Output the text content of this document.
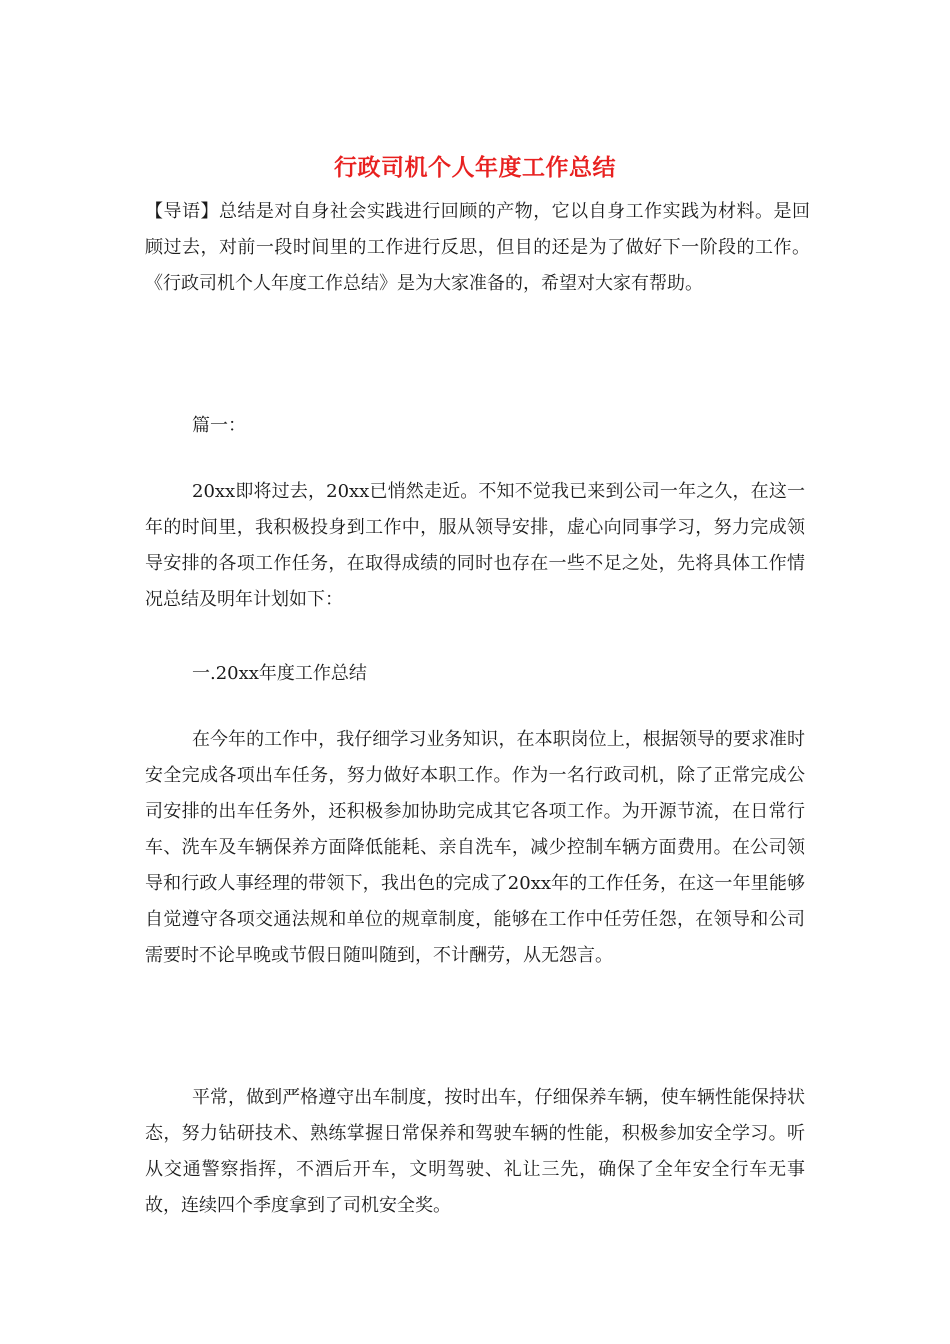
行政司机个人年度工作总结

【导语】总结是对自身社会实践进行回顾的产物，它以自身工作实践为材料。是回顾过去，对前一段时间里的工作进行反思，但目的还是为了做好下一阶段的工作。《行政司机个人年度工作总结》是为大家准备的，希望对大家有帮助。

篇一：

20xx即将过去，20xx已悄然走近。不知不觉我已来到公司一年之久，在这一年的时间里，我积极投身到工作中，服从领导安排，虚心向同事学习，努力完成领导安排的各项工作任务，在取得成绩的同时也存在一些不足之处，先将具体工作情况总结及明年计划如下：

一.20xx年度工作总结

在今年的工作中，我仔细学习业务知识，在本职岗位上，根据领导的要求准时安全完成各项出车任务，努力做好本职工作。作为一名行政司机，除了正常完成公司安排的出车任务外，还积极参加协助完成其它各项工作。为开源节流，在日常行车、洗车及车辆保养方面降低能耗、亲自洗车，减少控制车辆方面费用。在公司领导和行政人事经理的带领下，我出色的完成了20xx年的工作任务，在这一年里能够自觉遵守各项交通法规和单位的规章制度，能够在工作中任劳任怨，在领导和公司需要时不论早晚或节假日随叫随到，不计酬劳，从无怨言。

平常，做到严格遵守出车制度，按时出车，仔细保养车辆，使车辆性能保持状态，努力钻研技术、熟练掌握日常保养和驾驶车辆的性能，积极参加安全学习。听从交通警察指挥，不酒后开车，文明驾驶、礼让三先，确保了全年安全行车无事故，连续四个季度拿到了司机安全奖。
